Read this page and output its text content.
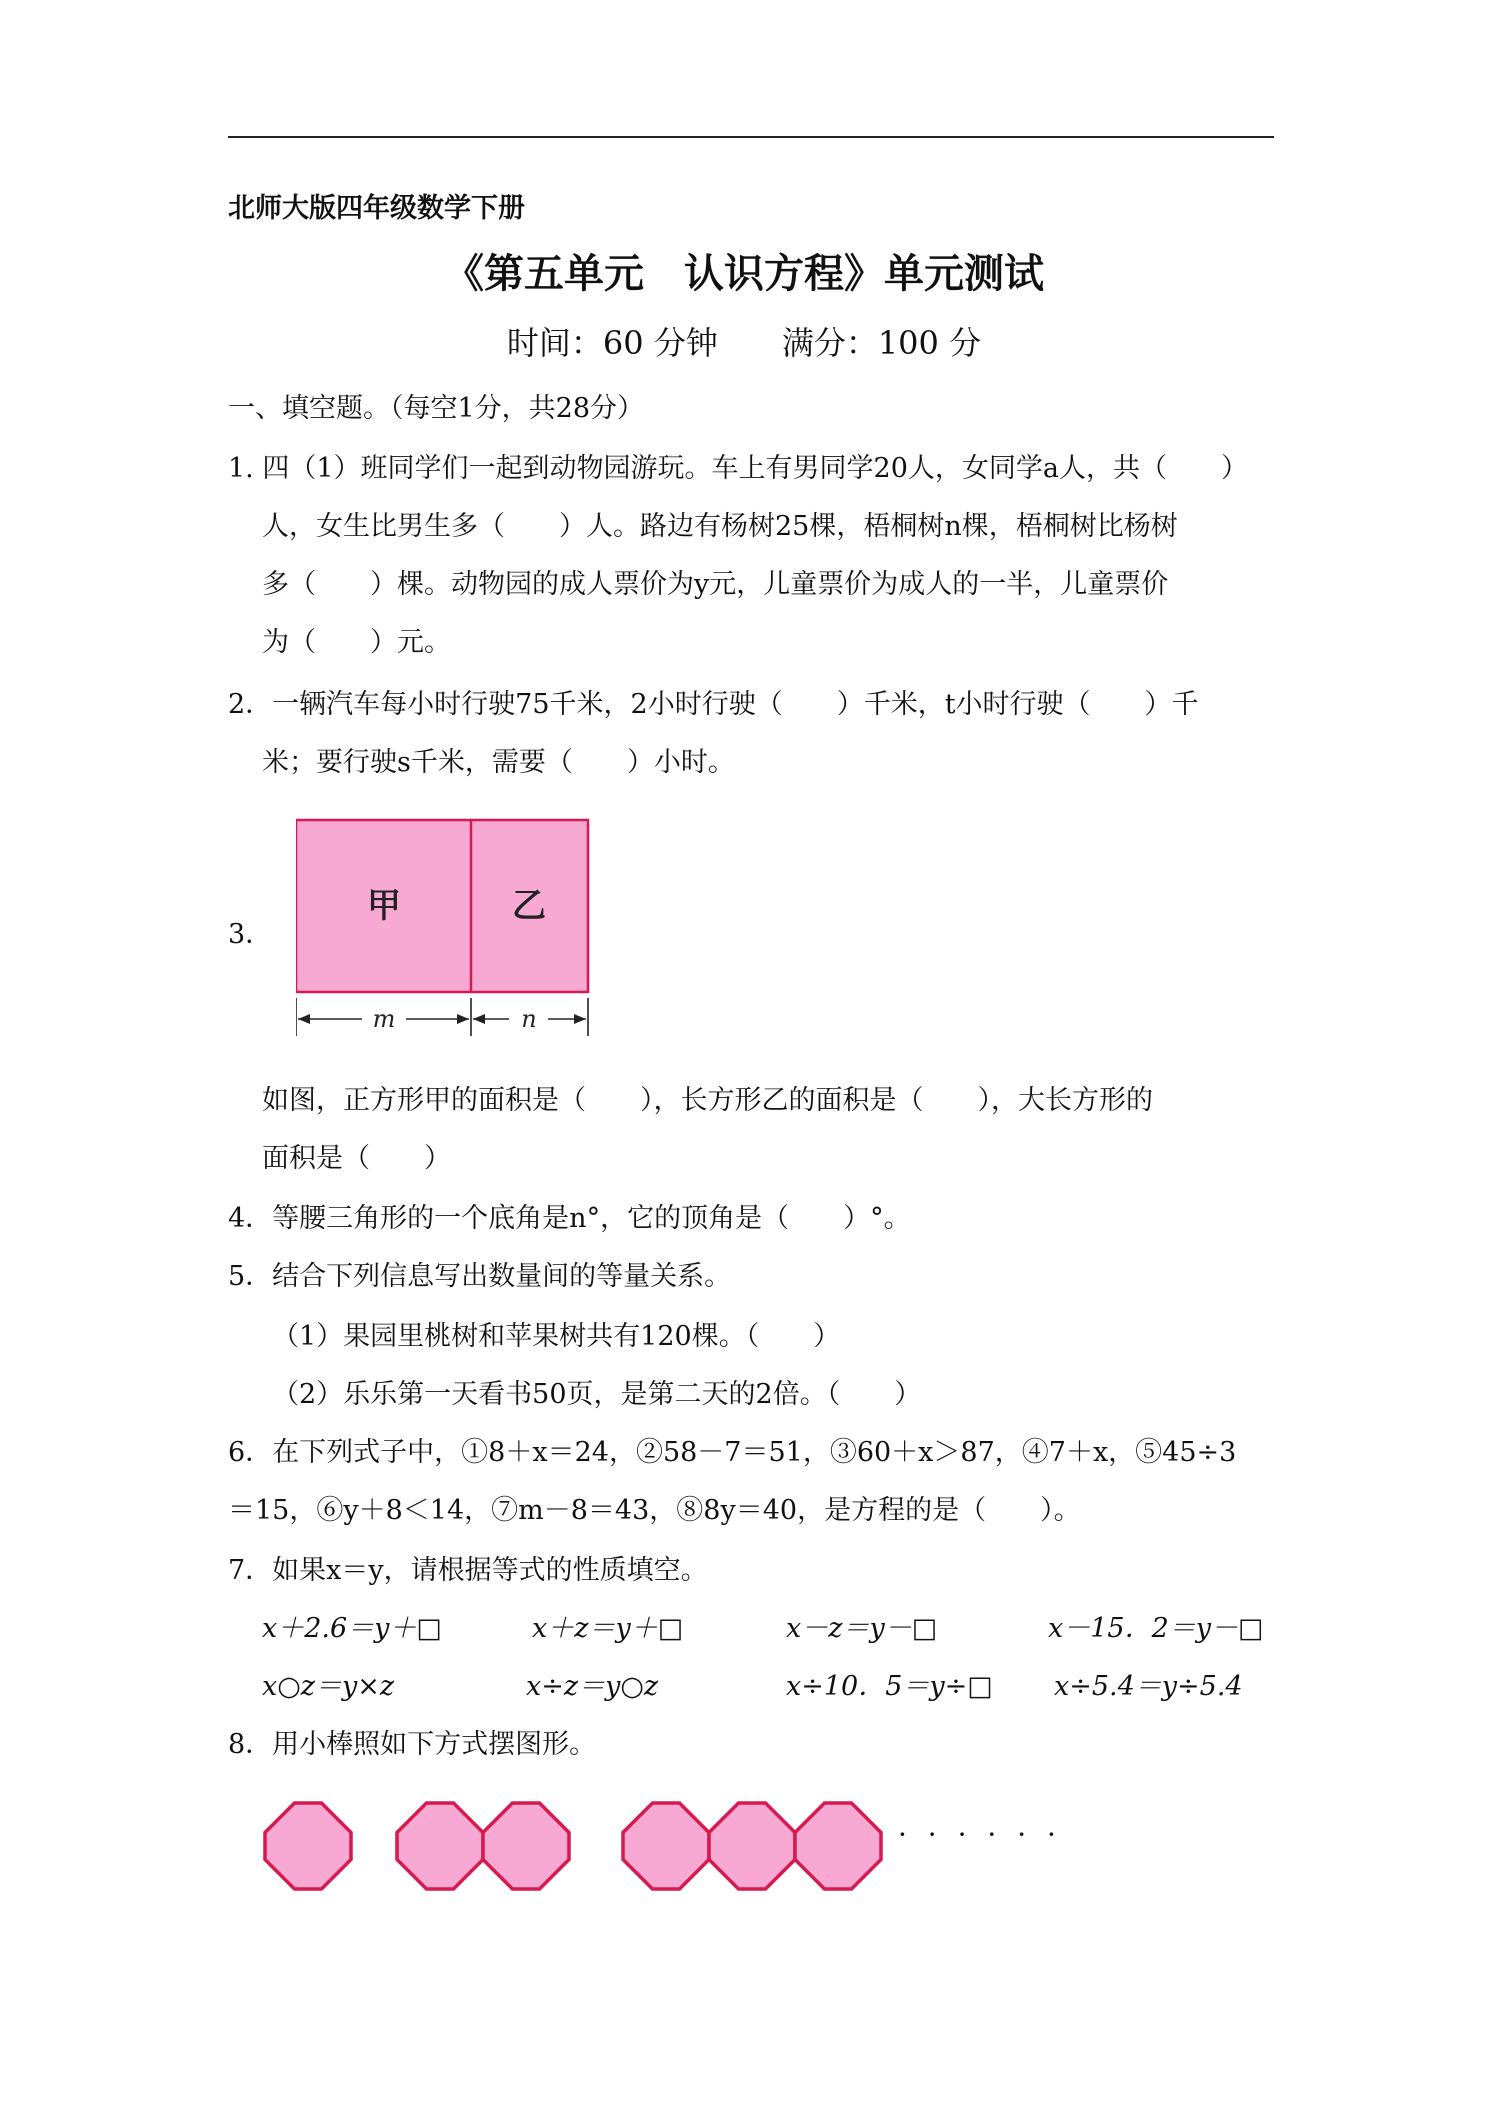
北师大版四年级数学下册
《第五单元　认识方程》单元测试
时间：60 分钟　　满分：100 分
一、填空题。（每空1分，共28分）
1. 四（1）班同学们一起到动物园游玩。车上有男同学20人，女同学a人，共（　　）
人，女生比男生多（　　）人。路边有杨树25棵，梧桐树n棵，梧桐树比杨树
多（　　）棵。动物园的成人票价为y元，儿童票价为成人的一半，儿童票价
为（　　）元。
2．一辆汽车每小时行驶75千米，2小时行驶（　　）千米，t小时行驶（　　）千
米；要行驶s千米，需要（　　）小时。
3．
甲	乙
m	n
如图，正方形甲的面积是（　　），长方形乙的面积是（　　），大长方形的
面积是（　　）
4．等腰三角形的一个底角是n°，它的顶角是（　　）°。
5．结合下列信息写出数量间的等量关系。
（1）果园里桃树和苹果树共有120棵。（　　）
（2）乐乐第一天看书50页，是第二天的2倍。（　　）
6．在下列式子中，①8＋x＝24，②58－7＝51，③60＋x＞87，④7＋x，⑤45÷3
＝15，⑥y＋8＜14，⑦m－8＝43，⑧8y＝40，是方程的是（　　）。
7．如果x＝y，请根据等式的性质填空。
x＋2.6＝y＋□	x＋z＝y＋□	x－z＝y－□	x－15．2＝y－□
x○z＝y×z	x÷z＝y○z	x÷10．5＝y÷□ x÷5.4＝y÷5.4
8．用小棒照如下方式摆图形。
· · · · · ·
